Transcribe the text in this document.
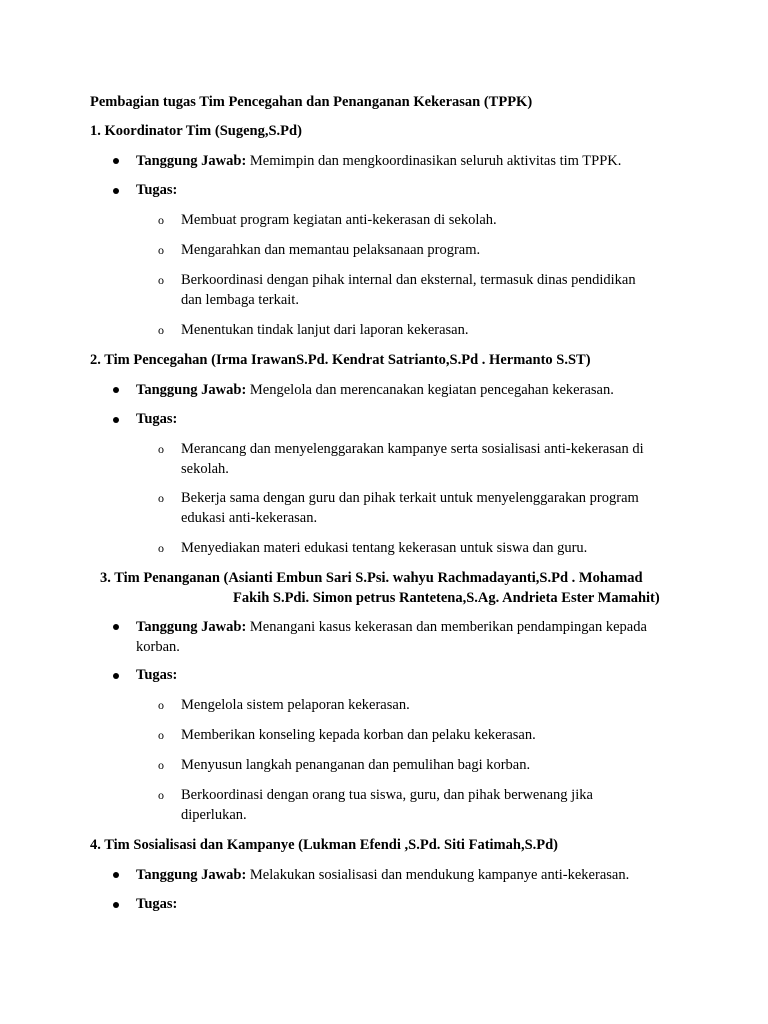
Pembagian tugas Tim Pencegahan dan Penanganan Kekerasan (TPPK)
1. Koordinator Tim (Sugeng,S.Pd)
Tanggung Jawab: Memimpin dan mengkoordinasikan seluruh aktivitas tim TPPK.
Tugas:
o Membuat program kegiatan anti-kekerasan di sekolah.
o Mengarahkan dan memantau pelaksanaan program.
o Berkoordinasi dengan pihak internal dan eksternal, termasuk dinas pendidikan
dan lembaga terkait.
o Menentukan tindak lanjut dari laporan kekerasan.
2. Tim Pencegahan (Irma IrawanS.Pd. Kendrat Satrianto,S.Pd . Hermanto S.ST)
Tanggung Jawab: Mengelola dan merencanakan kegiatan pencegahan kekerasan.
Tugas:
o Merancang dan menyelenggarakan kampanye serta sosialisasi anti-kekerasan di
sekolah.
o Bekerja sama dengan guru dan pihak terkait untuk menyelenggarakan program
edukasi anti-kekerasan.
o Menyediakan materi edukasi tentang kekerasan untuk siswa dan guru.
3. Tim Penanganan (Asianti Embun Sari S.Psi. wahyu Rachmadayanti,S.Pd . Mohamad
Fakih S.Pdi. Simon petrus Rantetena,S.Ag. Andrieta Ester Mamahit)
Tanggung Jawab: Menangani kasus kekerasan dan memberikan pendampingan kepada
korban.
Tugas:
o Mengelola sistem pelaporan kekerasan.
o Memberikan konseling kepada korban dan pelaku kekerasan.
o Menyusun langkah penanganan dan pemulihan bagi korban.
o Berkoordinasi dengan orang tua siswa, guru, dan pihak berwenang jika
diperlukan.
4. Tim Sosialisasi dan Kampanye (Lukman Efendi ,S.Pd. Siti Fatimah,S.Pd)
Tanggung Jawab: Melakukan sosialisasi dan mendukung kampanye anti-kekerasan.
Tugas:
